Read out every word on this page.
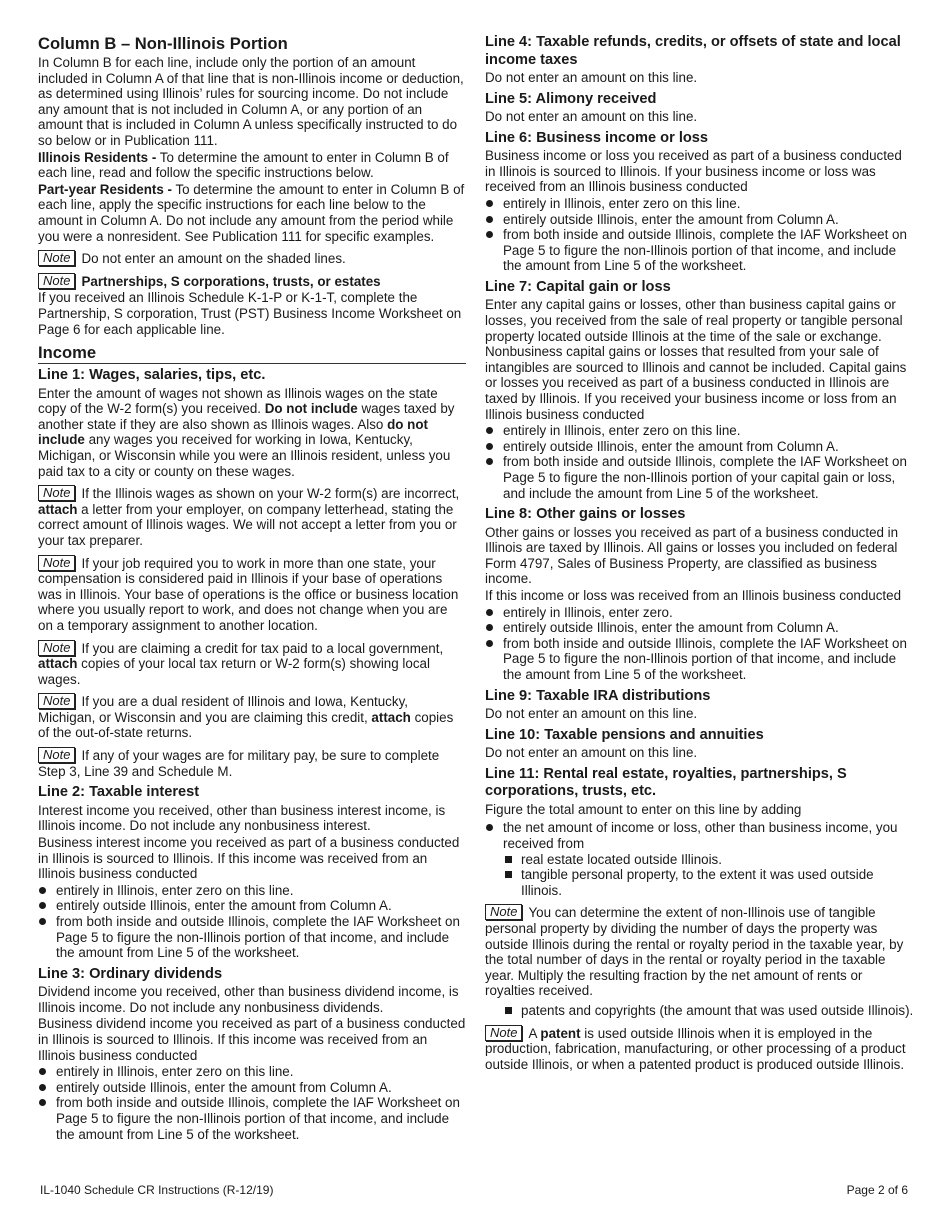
Column B – Non-Illinois Portion

In Column B for each line, include only the portion of an amount included in Column A of that line that is non-Illinois income or deduction, as determined using Illinois’ rules for sourcing income. Do not include any amount that is not included in Column A, or any portion of an amount that is included in Column A unless specifically instructed to do so below or in Publication 111.

Illinois Residents - To determine the amount to enter in Column B of each line, read and follow the specific instructions below.

Part-year Residents - To determine the amount to enter in Column B of each line, apply the specific instructions for each line below to the amount in Column A. Do not include any amount from the period while you were a nonresident. See Publication 111 for specific examples.

Note Do not enter an amount on the shaded lines.

Note Partnerships, S corporations, trusts, or estates

If you received an Illinois Schedule K-1-P or K-1-T, complete the Partnership, S corporation, Trust (PST) Business Income Worksheet on Page 6 for each applicable line.

Income
Line 1: Wages, salaries, tips, etc.

Enter the amount of wages not shown as Illinois wages on the state copy of the W-2 form(s) you received. Do not include wages taxed by another state if they are also shown as Illinois wages. Also do not include any wages you received for working in Iowa, Kentucky, Michigan, or Wisconsin while you were an Illinois resident, unless you paid tax to a city or county on these wages.

Note If the Illinois wages as shown on your W-2 form(s) are incorrect, attach a letter from your employer, on company letterhead, stating the correct amount of Illinois wages. We will not accept a letter from you or your tax preparer.

Note If your job required you to work in more than one state, your compensation is considered paid in Illinois if your base of operations was in Illinois. Your base of operations is the office or business location where you usually report to work, and does not change when you are on a temporary assignment to another location.

Note If you are claiming a credit for tax paid to a local government, attach copies of your local tax return or W-2 form(s) showing local wages.

Note If you are a dual resident of Illinois and Iowa, Kentucky, Michigan, or Wisconsin and you are claiming this credit, attach copies of the out-of-state returns.

Note If any of your wages are for military pay, be sure to complete Step 3, Line 39 and Schedule M.

Line 2: Taxable interest

Interest income you received, other than business interest income, is Illinois income. Do not include any nonbusiness interest.

Business interest income you received as part of a business conducted in Illinois is sourced to Illinois. If this income was received from an Illinois business conducted

entirely in Illinois, enter zero on this line.
entirely outside Illinois, enter the amount from Column A.
from both inside and outside Illinois, complete the IAF Worksheet on Page 5 to figure the non-Illinois portion of that income, and include the amount from Line 5 of the worksheet.
Line 3: Ordinary dividends

Dividend income you received, other than business dividend income, is Illinois income. Do not include any nonbusiness dividends.

Business dividend income you received as part of a business conducted in Illinois is sourced to Illinois. If this income was received from an Illinois business conducted

entirely in Illinois, enter zero on this line.
entirely outside Illinois, enter the amount from Column A.
from both inside and outside Illinois, complete the IAF Worksheet on Page 5 to figure the non-Illinois portion of that income, and include the amount from Line 5 of the worksheet.
Line 4: Taxable refunds, credits, or offsets of state and local income taxes

Do not enter an amount on this line.

Line 5: Alimony received

Do not enter an amount on this line.

Line 6: Business income or loss

Business income or loss you received as part of a business conducted in Illinois is sourced to Illinois. If your business income or loss was received from an Illinois business conducted

entirely in Illinois, enter zero on this line.
entirely outside Illinois, enter the amount from Column A.
from both inside and outside Illinois, complete the IAF Worksheet on Page 5 to figure the non-Illinois portion of that income, and include the amount from Line 5 of the worksheet.
Line 7: Capital gain or loss

Enter any capital gains or losses, other than business capital gains or losses, you received from the sale of real property or tangible personal property located outside Illinois at the time of the sale or exchange. Nonbusiness capital gains or losses that resulted from your sale of intangibles are sourced to Illinois and cannot be included. Capital gains or losses you received as part of a business conducted in Illinois are taxed by Illinois. If you received your business income or loss from an Illinois business conducted

entirely in Illinois, enter zero on this line.
entirely outside Illinois, enter the amount from Column A.
from both inside and outside Illinois, complete the IAF Worksheet on Page 5 to figure the non-Illinois portion of your capital gain or loss, and include the amount from Line 5 of the worksheet.
Line 8: Other gains or losses

Other gains or losses you received as part of a business conducted in Illinois are taxed by Illinois. All gains or losses you included on federal Form 4797, Sales of Business Property, are classified as business income.

If this income or loss was received from an Illinois business conducted

entirely in Illinois, enter zero.
entirely outside Illinois, enter the amount from Column A.
from both inside and outside Illinois, complete the IAF Worksheet on Page 5 to figure the non-Illinois portion of that income, and include the amount from Line 5 of the worksheet.
Line 9: Taxable IRA distributions

Do not enter an amount on this line.

Line 10: Taxable pensions and annuities

Do not enter an amount on this line.

Line 11: Rental real estate, royalties, partnerships, S corporations, trusts, etc.

Figure the total amount to enter on this line by adding

the net amount of income or loss, other than business income, you received from
real estate located outside Illinois.
tangible personal property, to the extent it was used outside Illinois.

Note You can determine the extent of non-Illinois use of tangible personal property by dividing the number of days the property was outside Illinois during the rental or royalty period in the taxable year, by the total number of days in the rental or royalty period in the taxable year. Multiply the resulting fraction by the net amount of rents or royalties received.

patents and copyrights (the amount that was used outside Illinois).

Note A patent is used outside Illinois when it is employed in the production, fabrication, manufacturing, or other processing of a product outside Illinois, or when a patented product is produced outside Illinois.

IL-1040 Schedule CR Instructions (R-12/19)	Page 2 of 6
